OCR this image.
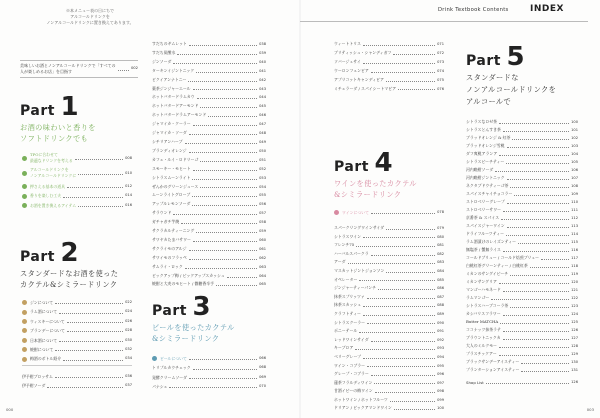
Drink Textbook Contents INDEX
※本メニュー表の日にちで
アルコールドリンクを
ノンアルコールドリンクに置き換えてあります。
美味しいお酒とノンアルコールドリンクで「すべての人が楽しめるお店」を目指す
002
Part 1
お酒の味わいと香りを
ソフトドリンクでも
TPOに合わせて
最適なドリンクを考える	008
アルコールドリンクを
ノンアルコールドリンクに	010
押さえる基本の道具	012
香りを楽しむ工夫	014
お酒を置き換えるアイテム	016
Part 2
スタンダードなお酒を使った
カクテル&シミラードリンク
ジンについて	022
ラム酒について	024
ウィスキーについて	026
ブランデーについて	028
日本酒について	030
焼酎について	032
梅酒のボトル紹介	034
伊予柑ブロッサム	036
伊予柑ソーダ	037
000
すだちのギムレット	038
すだち炭酸水	039
ジンソーダ	040
ターキンイジントニック	041
ピクイアンナトニー	042
薬茶ジンジャーエール	043
ホットバタードラムカウ	044
ホットバタードアーモンド	045
ホットバタードラムアーモンド	046
ジャマイカ・クーラー	047
ジャマイカ・ソーダ	048
シチリアンハーブ	049
ブランディオレンジ	050
カフェ・ルイ・ロドリーゴ	051
スモーキー・モヒート	052
シトラスムーンライト	053
ぜんかのグリーンジュース	054
ムーンライトグローブ	055
アップルレモンソーダ	056
サラウンド	057
ガチャガチ芋焼	058
サクラカルティーニング	059
サワヤカたまバサワー	060
サクライモのアルジ	061
サワイモのフラッペ	062
サムライ・ロック	063
ピックアップ梅 / ピックアップスカッシュ	064
焼酎と大麦のモヒート / 微糖香辛手	065
Part 3
ビールを使ったカクテル
&シミラードリンク
ビールについて	066
トリプルカウチェック	068
発酵クリームソーダ	069
パナシェ	070
ウィートトリス	071
ブリティッシュ・シャンディガフ	072
ソバージュサイ	073
ウーロンフェンビア	074
アプリコットキャンディビア	075
ミチェラーダ / スパイシートマビア	076
Part 4
ワインを使ったカクテル
&シミラードリンク
ワインについて	078
スパークリングワインサイダ	079
シトラスワイン	080
フレンチ75	081
ハーバルスパークラ	082
アーダ	083
マスカットジントジョンソン	084
オペレーター	085
ジンジャーティーパンチ	086
抹茶スプリッツァ	087
抹茶スカッシュ	088
クラフトティー	089
シトラスクーラー	090
ポニーテール	091
レッドワインサイダ	092
キーブロア	093
ベリーグレープ	094
ワイン・コブラー	095
グレープ・コブラー	096
蓮茶フラルディワイン	097
甘酒イビーの梅ワイン	098
ホットワイン / ホットフルーツ	099
ドリアン / ピックアマンドワイン	100
Part 5
スタンダードな
ノンアルコールドリンクを
アルコールで
シトラスなロゼ茶	100
シトラスとんすき茶	101
ブラッドオレンジ & 紅茶	102
ブラッドオレンジ雪桃	103
ダフ爽桃アランア	104
シトラスピーチティー	105
河内晩柑ソーダ	106
河内晩柑ジントニック	107
ネクタブドウティーゴ茶	108
スパイスチャイチョコラー	109
ストロベリーグレープ	110
ストロベリーサワー	111
京番茶 & スパイス	112
スパイスジャーワイン	113
ドライフルーツティー	114
ラム酒漬けのレイズンティー	115
無塩茶 / 蟹無ライス	116
コールドブリュー / コールド焙煎ブリュー	117
白桃紅茶グリーンティー / 白桃紅茶	118
ミカンのサングイピーチ	119
ミカンサングリア	120
マンゴーハモネード	121
ラムマンゴー	122
シトラスハーブコーラ茶	123
カシバリスフラワー	124
Butter MATCHA	125
ココナッツ抹茶ラテ	126
ブラウントニックカ	127
大人のミルクモー	128
プラスチックアー	129
ブラックサンデーアイスティー	130
プランターションアイスティー	131
Shop List	126
003
